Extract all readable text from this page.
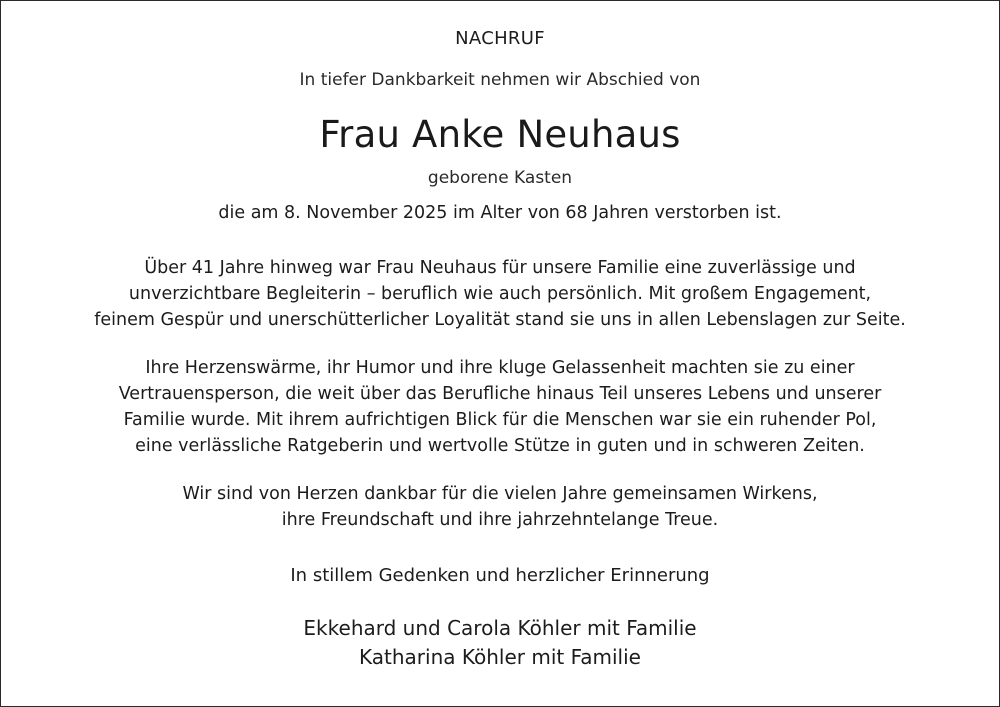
NACHRUF
In tiefer Dankbarkeit nehmen wir Abschied von
Frau Anke Neuhaus
geborene Kasten
die am 8. November 2025 im Alter von 68 Jahren verstorben ist.
Über 41 Jahre hinweg war Frau Neuhaus für unsere Familie eine zuverlässige und
unverzichtbare Begleiterin – beruflich wie auch persönlich. Mit großem Engagement,
feinem Gespür und unerschütterlicher Loyalität stand sie uns in allen Lebenslagen zur Seite.
Ihre Herzenswärme, ihr Humor und ihre kluge Gelassenheit machten sie zu einer
Vertrauensperson, die weit über das Berufliche hinaus Teil unseres Lebens und unserer
Familie wurde. Mit ihrem aufrichtigen Blick für die Menschen war sie ein ruhender Pol,
eine verlässliche Ratgeberin und wertvolle Stütze in guten und in schweren Zeiten.
Wir sind von Herzen dankbar für die vielen Jahre gemeinsamen Wirkens,
ihre Freundschaft und ihre jahrzehntelange Treue.
In stillem Gedenken und herzlicher Erinnerung
Ekkehard und Carola Köhler mit Familie
Katharina Köhler mit Familie
